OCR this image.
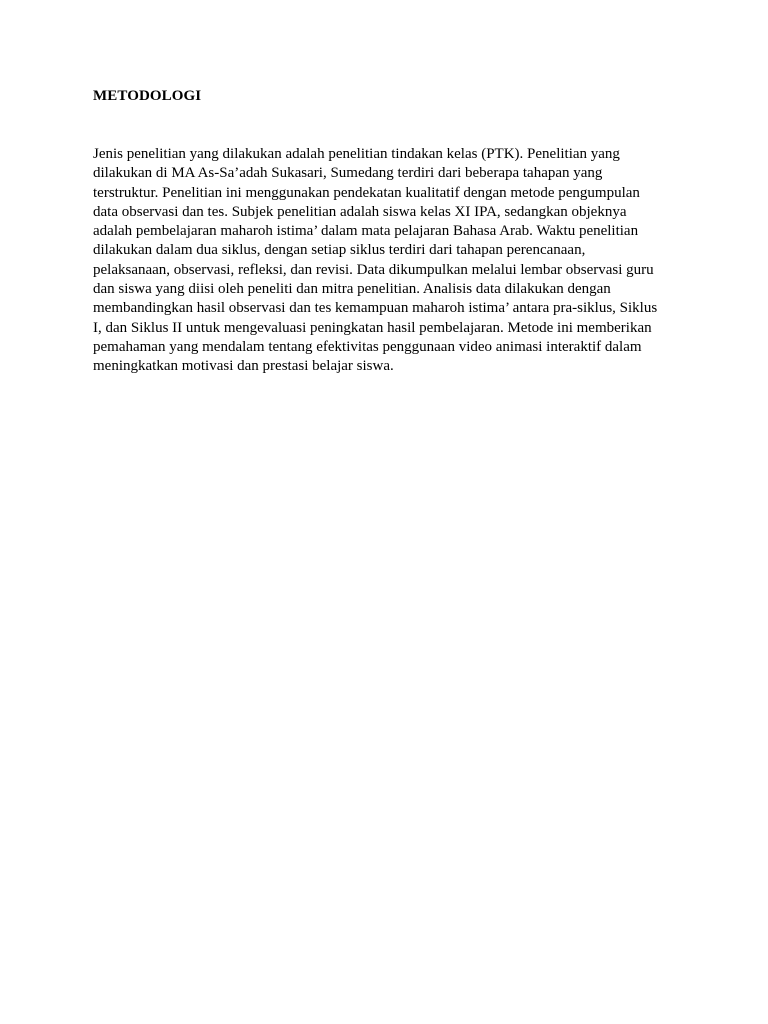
METODOLOGI

Jenis penelitian yang dilakukan adalah penelitian tindakan kelas (PTK). Penelitian yang
dilakukan di MA As-Sa’adah Sukasari, Sumedang terdiri dari beberapa tahapan yang
terstruktur. Penelitian ini menggunakan pendekatan kualitatif dengan metode pengumpulan
data observasi dan tes. Subjek penelitian adalah siswa kelas XI IPA, sedangkan objeknya
adalah pembelajaran maharoh istima’ dalam mata pelajaran Bahasa Arab. Waktu penelitian
dilakukan dalam dua siklus, dengan setiap siklus terdiri dari tahapan perencanaan,
pelaksanaan, observasi, refleksi, dan revisi. Data dikumpulkan melalui lembar observasi guru
dan siswa yang diisi oleh peneliti dan mitra penelitian. Analisis data dilakukan dengan
membandingkan hasil observasi dan tes kemampuan maharoh istima’ antara pra-siklus, Siklus
I, dan Siklus II untuk mengevaluasi peningkatan hasil pembelajaran. Metode ini memberikan
pemahaman yang mendalam tentang efektivitas penggunaan video animasi interaktif dalam
meningkatkan motivasi dan prestasi belajar siswa.
